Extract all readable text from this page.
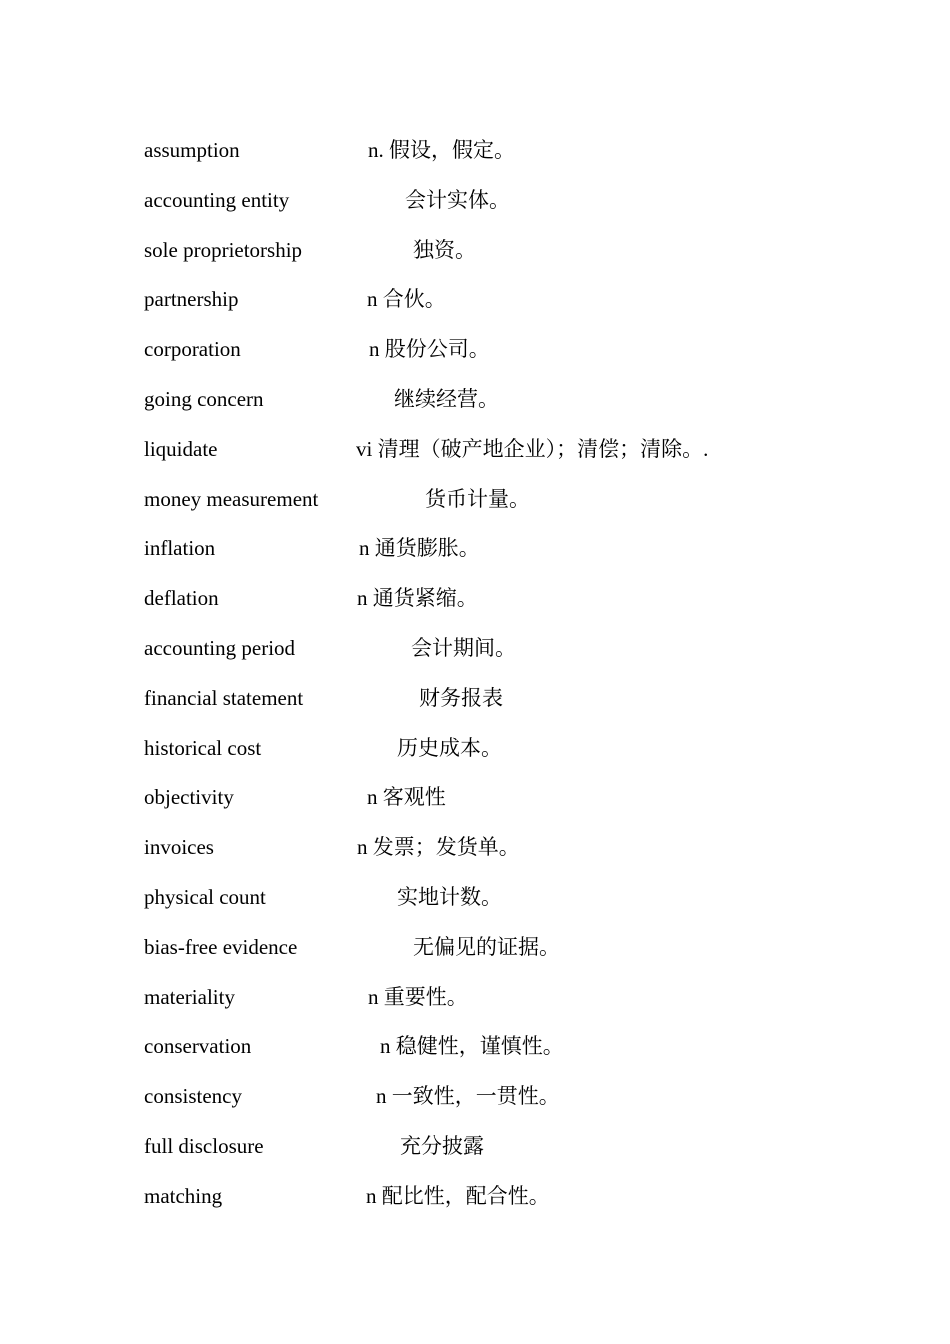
assumption	n. 假设，假定。
accounting entity	会计实体。
sole proprietorship	独资。
partnership	n 合伙。
corporation	n 股份公司。
going concern	继续经营。
liquidate	vi 清理（破产地企业）；清偿；清除。.
money measurement	货币计量。
inflation	n 通货膨胀。
deflation	n 通货紧缩。
accounting period	会计期间。
financial statement	财务报表
historical cost	历史成本。
objectivity	n 客观性
invoices	n 发票；发货单。
physical count	实地计数。
bias-free evidence	无偏见的证据。
materiality	n 重要性。
conservation	n 稳健性，谨慎性。
consistency	n 一致性，一贯性。
full disclosure	充分披露
matching	n 配比性，配合性。
